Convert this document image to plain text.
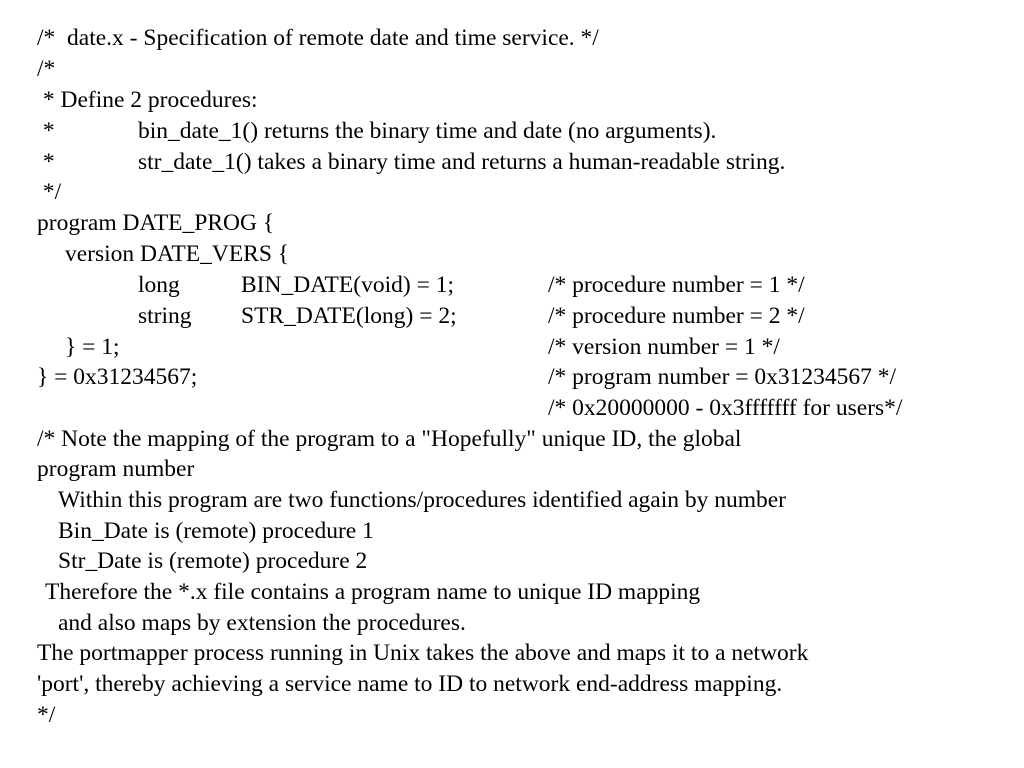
/*  date.x - Specification of remote date and time service. */
/*
* Define 2 procedures:
*	bin_date_1() returns the binary time and date (no arguments).
*	str_date_1() takes a binary time and returns a human-readable string.
*/
program DATE_PROG {
version DATE_VERS {
long	BIN_DATE(void) = 1;	/* procedure number = 1 */
string STR_DATE(long) = 2;	/* procedure number = 2 */
} = 1;	/* version number = 1 */
} = 0x31234567;	/* program number = 0x31234567 */
/* 0x20000000 - 0x3fffffff for users*/
/* Note the mapping of the program to a "Hopefully" unique ID, the global
program number
Within this program are two functions/procedures identified again by number
Bin_Date is (remote) procedure 1
Str_Date is (remote) procedure 2
Therefore the *.x file contains a program name to unique ID mapping
and also maps by extension the procedures.
The portmapper process running in Unix takes the above and maps it to a network
'port', thereby achieving a service name to ID to network end-address mapping.
*/
